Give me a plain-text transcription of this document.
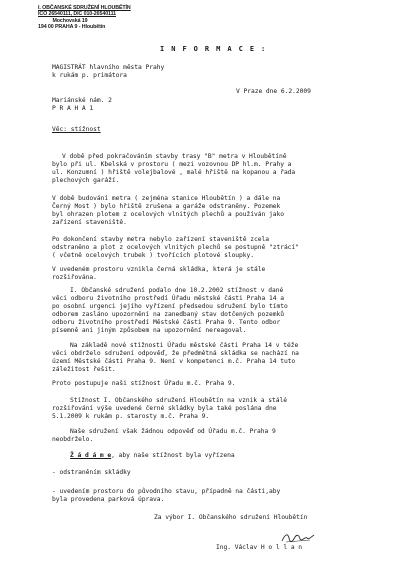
I. OBČANSKÉ SDRUŽENÍ HLOUBĚTÍN
IČO 26540111, DIČ 010-26540111
Mochovská 19
194 00 PRAHA 9 - Hloubětín
I N F O R M A C E :
MAGISTRÁT hlavního města Prahy
k rukám p. primátora
Mariánské nám. 2
P R A H A 1
V Praze dne 6.2.2009
Věc: stížnost
V době před pokračováním stavby trasy "B" metra v Hloubětíně
bylo při ul. Kbelská v prostoru ( mezi vozovnou DP hl.m. Prahy a
ul. Konzumní ) hřiště volejbalové , malé hřiště na kopanou a řada
plechových garáží.
V době budování metra ( zejména stanice Hloubětín ) a dále na
Černý Most ) bylo hřiště zrušena a garáže odstraněny. Pozemek
byl ohrazen plotem z ocelových vlnitých plechů a používán jako
zařízení staveniště.
Po dokončení stavby metra nebylo zařízení staveniště zcela
odstraněno a plot z ocelových vlnitých plechů se postupně "ztrácí"
( včetně ocelových trubek ) tvořících plotové sloupky.
V uvedeném prostoru vznikla černá skládka, která je stále
rozšiřována.
I. Občanské sdružení podalo dne 10.2.2002 stížnost v dané
věci odboru životního prostředí Úřadu městské části Praha 14 a
po osobní urgenci jejího vyřízení předsedou sdružení bylo tímto
odborem zasláno upozornění na zanedbaný stav dotčených pozemků
odboru životního prostředí Městské části Praha 9. Tento odbor
písemně ani jiným způsobem na upozornění nereagoval.
Na základě nové stížnosti Úřadu městské části Praha 14 v téže
věci obdrželo sdružení odpověď, že předmětná skládka se nachází na
území Městské části Praha 9. Není v kompetenci m.č. Praha 14 tuto
záležitost řešit.
Proto postupuje naši stížnost Úřadu m.č. Praha 9.
Stížnost I. Občanského sdružení Hloubětín na vznik a stálé
rozšiřování výše uvedené černé skládky byla také poslána dne
5.1.2009 k rukám p. starosty m.č. Praha 9.
Naše sdružení však žádnou odpověď od Úřadu m.č. Praha 9
neobdrželo.
Ž á d á m e, aby naše stížnost byla vyřízena
- odstraněním skládky
- uvedením prostoru do původního stavu, případně na části,aby
byla provedena parková úprava.
Za výbor I. Občanského sdružení Hloubětín
Ing. Václav H o l l a n
